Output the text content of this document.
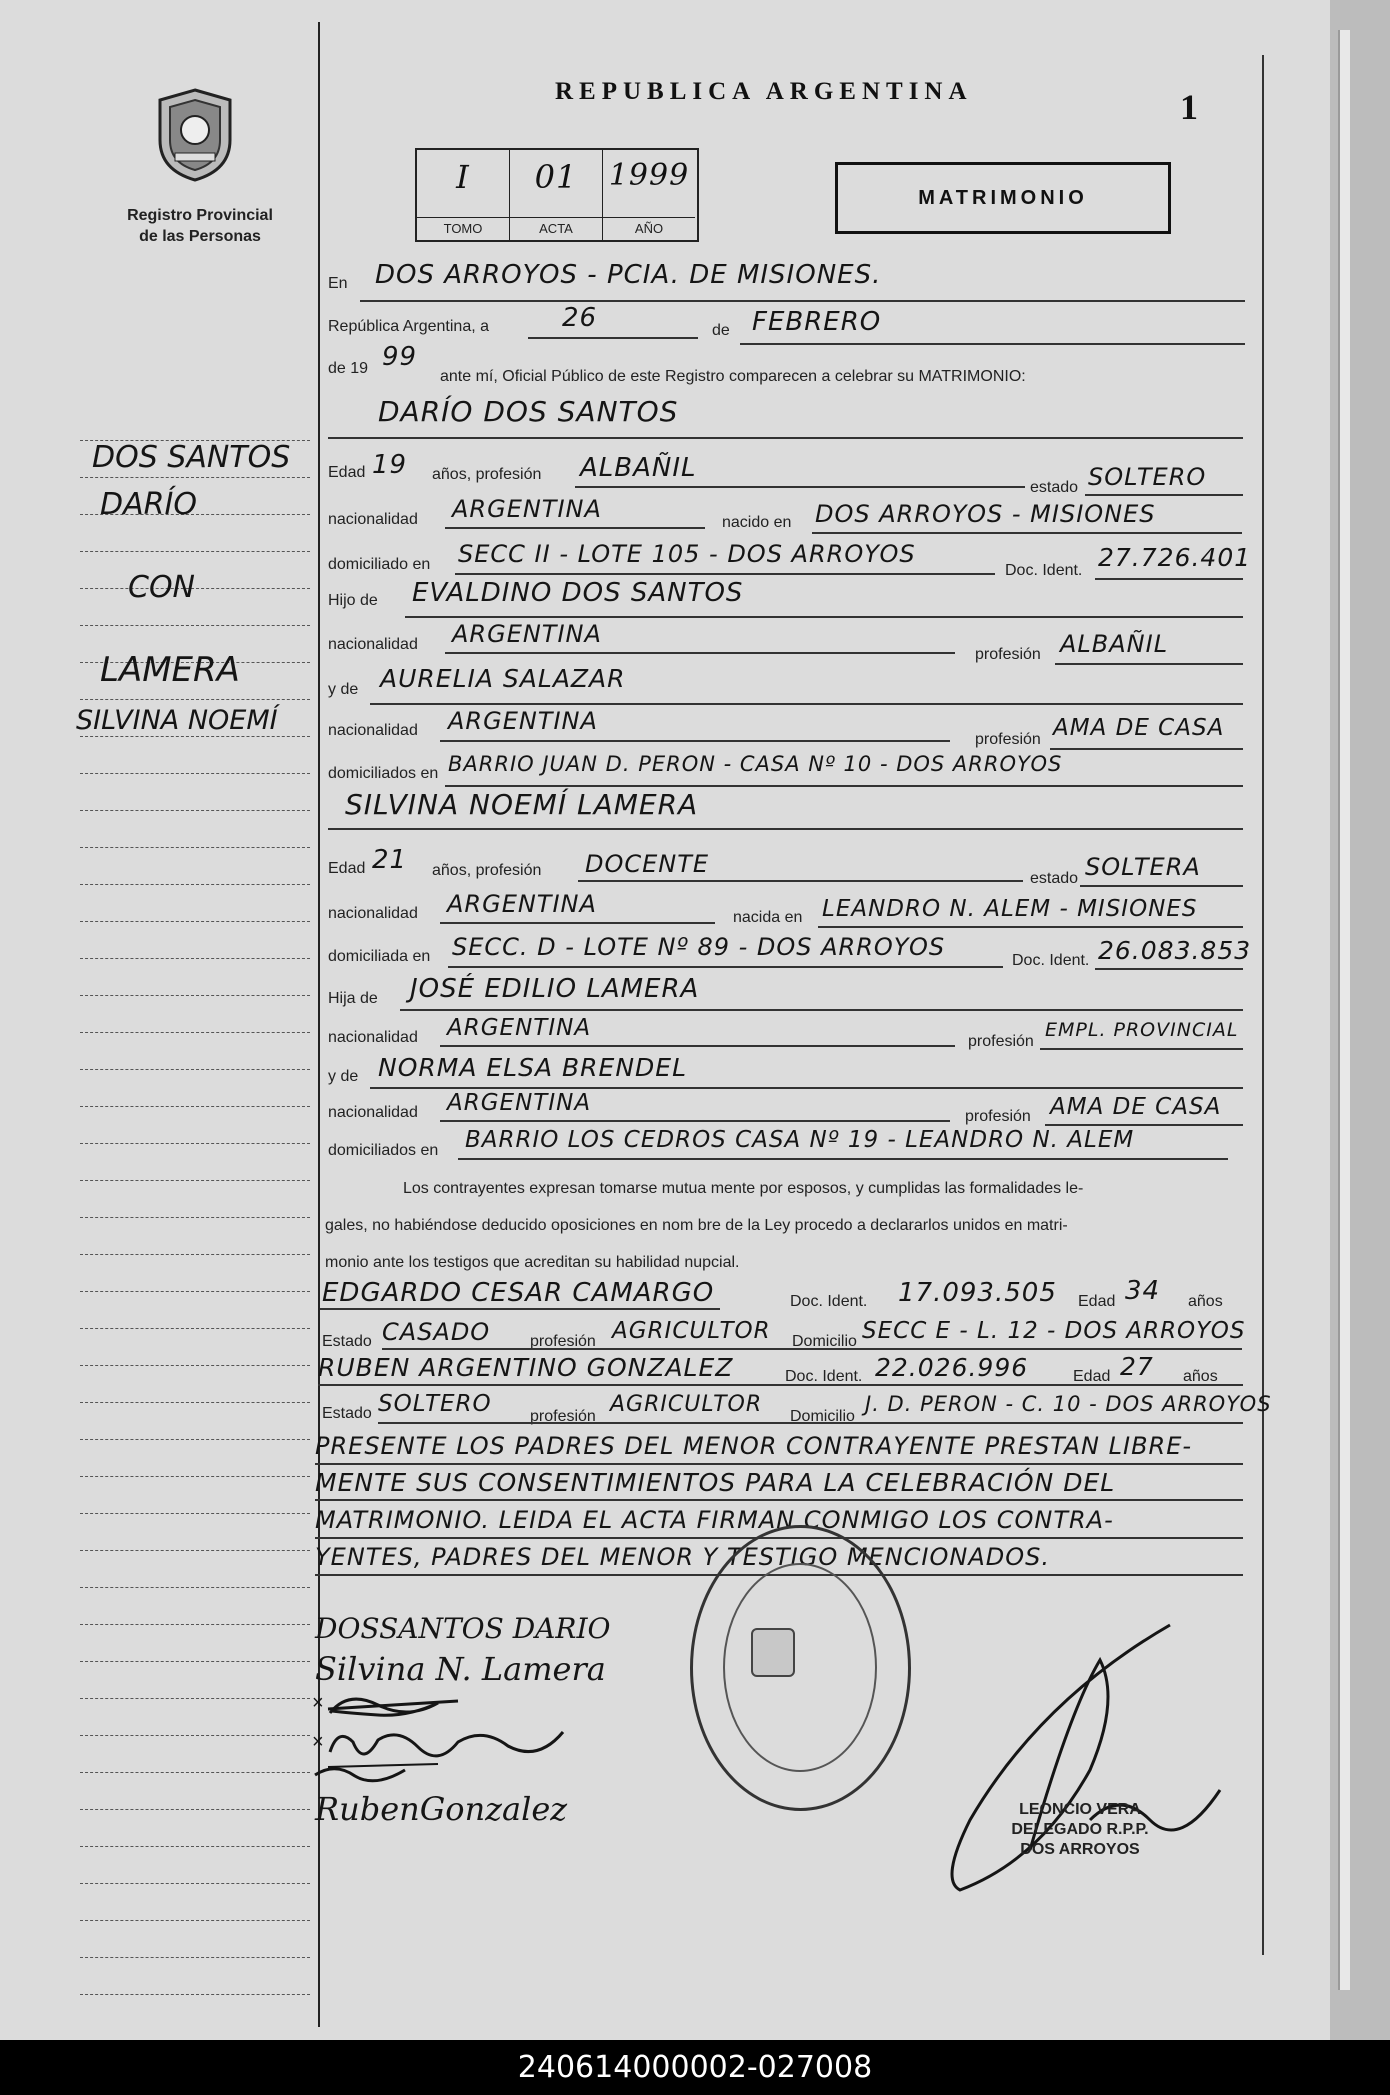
Registro Provincial
de las Personas
DOS SANTOS
DARÍO
CON
LAMERA
SILVINA NOEMÍ
REPUBLICA ARGENTINA	1
I
TOMO
01
ACTA
1999
AÑO
MATRIMONIO
En DOS ARROYOS - PCIA. DE MISIONES.
República Argentina, a	26	de FEBRERO
de 19 99
ante mí, Oficial Público de este Registro comparecen a celebrar su MATRIMONIO:
DARÍO DOS SANTOS
Edad 19 años, profesión ALBAÑIL
estado SOLTERO
nacionalidad ARGENTINA	nacido en DOS ARROYOS - MISIONES
domiciliado en SECC II - LOTE 105 - DOS ARROYOS
Doc. Ident. 27.726.401
Hijo de EVALDINO DOS SANTOS
nacionalidad ARGENTINA
profesión ALBAÑIL
y de AURELIA SALAZAR
nacionalidad ARGENTINA
profesión AMA DE CASA
domiciliados en BARRIO JUAN D. PERON - CASA Nº 10 - DOS ARROYOS
SILVINA NOEMÍ LAMERA
Edad 21 años, profesión DOCENTE
estado SOLTERA
nacionalidad ARGENTINA	nacida en LEANDRO N. ALEM - MISIONES
domiciliada en SECC. D - LOTE Nº 89 - DOS ARROYOS	Doc. Ident. 26.083.853
Hija de JOSÉ EDILIO LAMERA
nacionalidad ARGENTINA
profesión
EMPL. PROVINCIAL
y de NORMA ELSA BRENDEL
nacionalidad ARGENTINA
profesión AMA DE CASA
domiciliados en BARRIO LOS CEDROS CASA Nº 19 - LEANDRO N. ALEM
Los contrayentes expresan tomarse mutua mente por esposos, y cumplidas las formalidades le-
gales, no habiéndose deducido oposiciones en nom bre de la Ley procedo a declararlos unidos en matri-
monio ante los testigos que acreditan su habilidad nupcial.
EDGARDO CESAR CAMARGO	Doc. Ident. 17.093.505 Edad 34 años
Estado CASADO profesión AGRICULTOR Domicilio SECC E - L. 12 - DOS ARROYOS
RUBEN ARGENTINO GONZALEZ	Doc. Ident. 22.026.996	Edad 27 años
Estado SOLTERO profesión AGRICULTOR Domicilio
J. D. PERON - C. 10 - DOS ARROYOS
PRESENTE LOS PADRES DEL MENOR CONTRAYENTE PRESTAN LIBRE-
MENTE SUS CONSENTIMIENTOS PARA LA CELEBRACIÓN DEL
MATRIMONIO. LEIDA EL ACTA FIRMAN CONMIGO LOS CONTRA-
YENTES, PADRES DEL MENOR Y TESTIGO MENCIONADOS.
DOSSANTOS DARIO
Silvina N. Lamera
×
×
RubenGonzalez	LEONCIO VERA
DELEGADO R.P.P.
DOS ARROYOS
240614000002-027008
